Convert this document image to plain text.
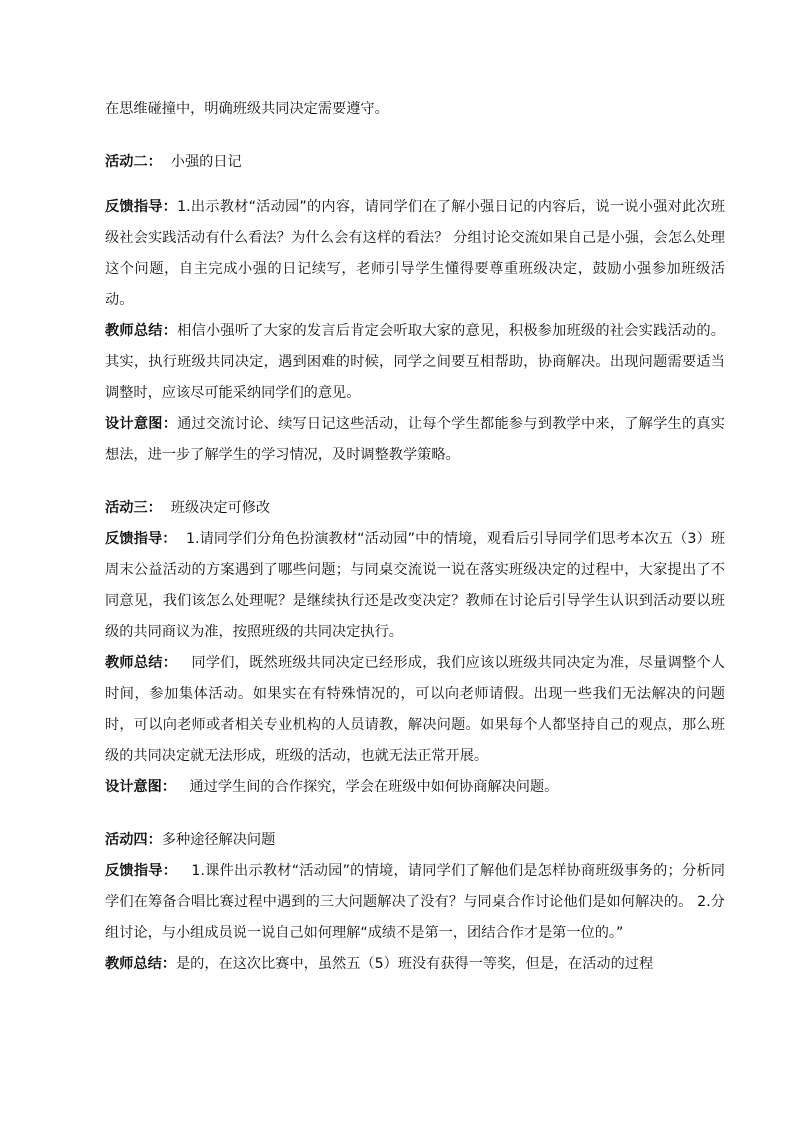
在思维碰撞中，明确班级共同决定需要遵守。

活动二： 小强的日记

反馈指导：1.出示教材“活动园”的内容，请同学们在了解小强日记的内容后，说一说小强对此次班级社会实践活动有什么看法？为什么会有这样的看法？ 分组讨论交流如果自己是小强，会怎么处理这个问题，自主完成小强的日记续写，老师引导学生懂得要尊重班级决定，鼓励小强参加班级活动。

教师总结：相信小强听了大家的发言后肯定会听取大家的意见，积极参加班级的社会实践活动的。其实，执行班级共同决定，遇到困难的时候，同学之间要互相帮助，协商解决。出现问题需要适当调整时，应该尽可能采纳同学们的意见。

设计意图：通过交流讨论、续写日记这些活动，让每个学生都能参与到教学中来，了解学生的真实想法，进一步了解学生的学习情况，及时调整教学策略。

活动三： 班级决定可修改

反馈指导： 1.请同学们分角色扮演教材“活动园”中的情境，观看后引导同学们思考本次五（3）班周末公益活动的方案遇到了哪些问题；与同桌交流说一说在落实班级决定的过程中，大家提出了不同意见，我们该怎么处理呢？是继续执行还是改变决定？教师在讨论后引导学生认识到活动要以班级的共同商议为准，按照班级的共同决定执行。

教师总结： 同学们，既然班级共同决定已经形成，我们应该以班级共同决定为准，尽量调整个人时间，参加集体活动。如果实在有特殊情况的，可以向老师请假。出现一些我们无法解决的问题时，可以向老师或者相关专业机构的人员请教，解决问题。如果每个人都坚持自己的观点，那么班级的共同决定就无法形成，班级的活动，也就无法正常开展。

设计意图： 通过学生间的合作探究，学会在班级中如何协商解决问题。

活动四：多种途径解决问题

反馈指导： 1.课件出示教材“活动园”的情境，请同学们了解他们是怎样协商班级事务的；分析同学们在筹备合唱比赛过程中遇到的三大问题解决了没有？与同桌合作讨论他们是如何解决的。 2.分组讨论，与小组成员说一说自己如何理解“成绩不是第一，团结合作才是第一位的。”

教师总结：是的，在这次比赛中，虽然五（5）班没有获得一等奖，但是，在活动的过程
